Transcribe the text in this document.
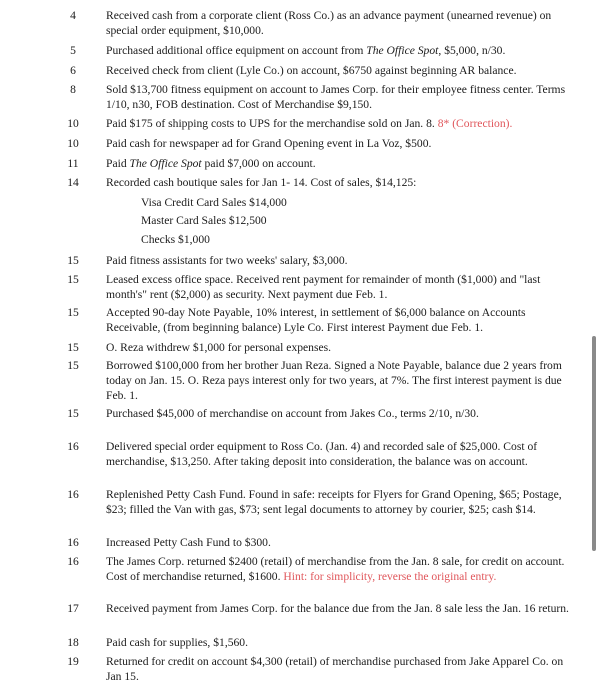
4	Received cash from a corporate client (Ross Co.) as an advance payment (unearned revenue) on special order equipment, $10,000.
5	Purchased additional office equipment on account from The Office Spot, $5,000, n/30.
6	Received check from client (Lyle Co.) on account, $6750 against beginning AR balance.
8	Sold $13,700 fitness equipment on account to James Corp. for their employee fitness center. Terms 1/10, n30, FOB destination. Cost of Merchandise $9,150.
10	Paid $175 of shipping costs to UPS for the merchandise sold on Jan. 8. 8* (Correction).
10	Paid cash for newspaper ad for Grand Opening event in La Voz, $500.
11	Paid The Office Spot paid $7,000 on account.
14	Recorded cash boutique sales for Jan 1- 14. Cost of sales, $14,125:
Visa Credit Card Sales $14,000
Master Card Sales $12,500
Checks $1,000
15	Paid fitness assistants for two weeks' salary, $3,000.
15	Leased excess office space. Received rent payment for remainder of month ($1,000) and "last month's" rent ($2,000) as security. Next payment due Feb. 1.
15	Accepted 90-day Note Payable, 10% interest, in settlement of $6,000 balance on Accounts Receivable, (from beginning balance) Lyle Co. First interest Payment due Feb. 1.
15	O. Reza withdrew $1,000 for personal expenses.
15	Borrowed $100,000 from her brother Juan Reza. Signed a Note Payable, balance due 2 years from today on Jan. 15. O. Reza pays interest only for two years, at 7%. The first interest payment is due Feb. 1.
15	Purchased $45,000 of merchandise on account from Jakes Co., terms 2/10, n/30.
16	Delivered special order equipment to Ross Co. (Jan. 4) and recorded sale of $25,000. Cost of merchandise, $13,250. After taking deposit into consideration, the balance was on account.
16	Replenished Petty Cash Fund. Found in safe: receipts for Flyers for Grand Opening, $65; Postage, $23; filled the Van with gas, $73; sent legal documents to attorney by courier, $25; cash $14.
16	Increased Petty Cash Fund to $300.
16	The James Corp. returned $2400 (retail) of merchandise from the Jan. 8 sale, for credit on account. Cost of merchandise returned, $1600. Hint: for simplicity, reverse the original entry.
17	Received payment from James Corp. for the balance due from the Jan. 8 sale less the Jan. 16 return.
18	Paid cash for supplies, $1,560.
19	Returned for credit on account $4,300 (retail) of merchandise purchased from Jake Apparel Co. on Jan 15.
